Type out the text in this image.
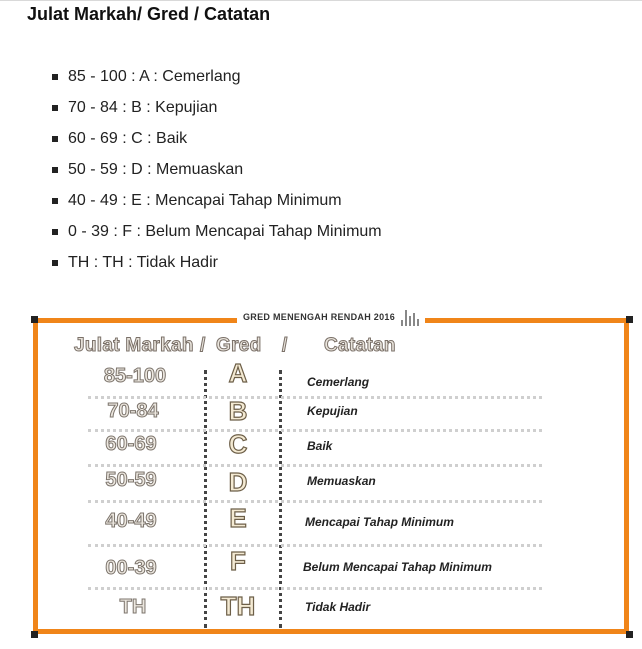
Julat Markah/ Gred / Catatan
85 - 100 : A : Cemerlang
70 - 84 : B : Kepujian
60 - 69 : C : Baik
50 - 59 : D : Memuaskan
40 - 49 : E : Mencapai Tahap Minimum
0 - 39 : F : Belum Mencapai Tahap Minimum
TH : TH : Tidak Hadir
GRED MENENGAH RENDAH 2016
Julat Markah / Gred / Catatan
85-100	A	Cemerlang
70-84	B	Kepujian
60-69	C	Baik
50-59	D	Memuaskan
40-49	E	Mencapai Tahap Minimum
00-39	F	Belum Mencapai Tahap Minimum
TH	TH	Tidak Hadir
